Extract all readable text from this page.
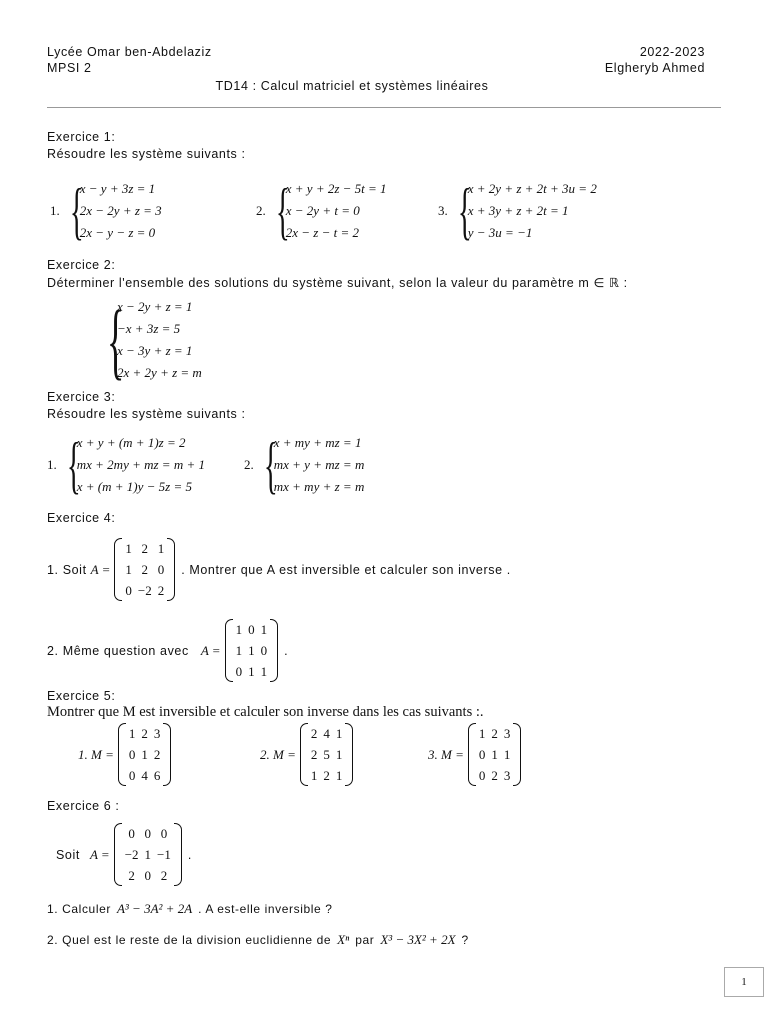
Lycée Omar ben-Abdelaziz
MPSI 2
2022-2023
Elgheryb Ahmed
TD14 : Calcul matriciel et systèmes linéaires
Exercice 1:
Résoudre les système suivants :
1. {
x − y + 3z = 1
2x − 2y + z = 3
2x − y − z = 0
2. {
x + y + 2z − 5t = 1
x − 2y + t = 0
2x − z − t = 2
3. {
x + 2y + z + 2t + 3u = 2
x + 3y + z + 2t = 1
y − 3u = −1
Exercice 2:
Déterminer l'ensemble des solutions du système suivant, selon la valeur du paramètre m ∈ ℝ :
{
x − 2y + z = 1
−x + 3z = 5
x − 3y + z = 1
2x + 2y + z = m
Exercice 3:
Résoudre les système suivants :
1. {
x + y + (m + 1)z = 2
mx + 2my + mz = m + 1
x + (m + 1)y − 5z = 5
2. {
x + my + mz = 1
mx + y + mz = m
mx + my + z = m
Exercice 4:
1. Soit A =
1	2	1
1	2	0
0	−2	2
. Montrer que A est inversible et calculer son inverse .
2. Même question avec A =
1	0	1
1	1	0
0	1	1
.
Exercice 5:
Montrer que M est inversible et calculer son inverse dans les cas suivants :.
1. M =
1	2	3
0	1	2
0	4	6
2. M =
2	4	1
2	5	1
1	2	1
3. M =
1	2	3
0	1	1
0	2	3
Exercice 6 :
Soit A =
0	0	0
−2	1	−1
2	0	2
.
1. Calculer A³ − 3A² + 2A . A est-elle inversible ?
2. Quel est le reste de la division euclidienne de Xⁿ par X³ − 3X² + 2X ?
1
